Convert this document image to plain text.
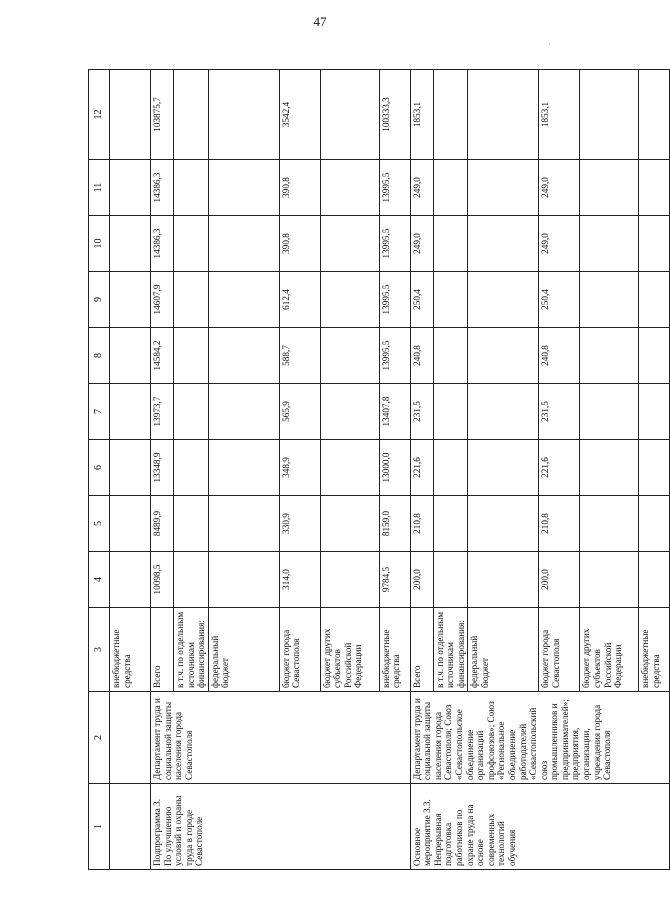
47
1	2	3	4	5	6	7	8	9	10	11	12
		внебюджетные средства									
Подпрограмма 3. По улучшению условий и охраны труда в городе Севастополе	Департамент труда и социальной защиты населения города Севастополя	Всего	10098,5	8489,9	13348,9	13973,7	14584,2	14607,9	14386,3	14386,3	103875,7
		в т.ч. по отдельным источникам финансирования:									
		федеральный бюджет									
		бюджет города Севастополя	314,0	330,9	348,9	565,9	588,7	612,4	390,8	390,8	3542,4
		бюджет других субъектов Российской Федерации									
		внебюджетные средства	9784,5	8159,0	13000,0	13407,8	13995,5	13995,5	13995,5	13995,5	100333,3
Основное мероприятие 3.3. Непрерывная подготовка работников по охране труда на основе современных технологий обучения	Департамент труда и социальной защиты населения города Севастополя; Союз «Севастопольское объединение организаций профсоюзов»; Союз «Региональное объединение работодателей «Севастопольский союз промышленников и предпринимателей»; предприятия, организации, учреждения города Севастополя	Всего	200,0	210,8	221,6	231,5	240,8	250,4	249,0	249,0	1853,1
		в т.ч. по отдельным источникам финансирования:									
		федеральный бюджет									
		бюджет города Севастополя	200,0	210,8	221,6	231,5	240,8	250,4	249,0	249,0	1853,1
		бюджет других субъектов Российской Федерации									
		внебюджетные средства									
·
